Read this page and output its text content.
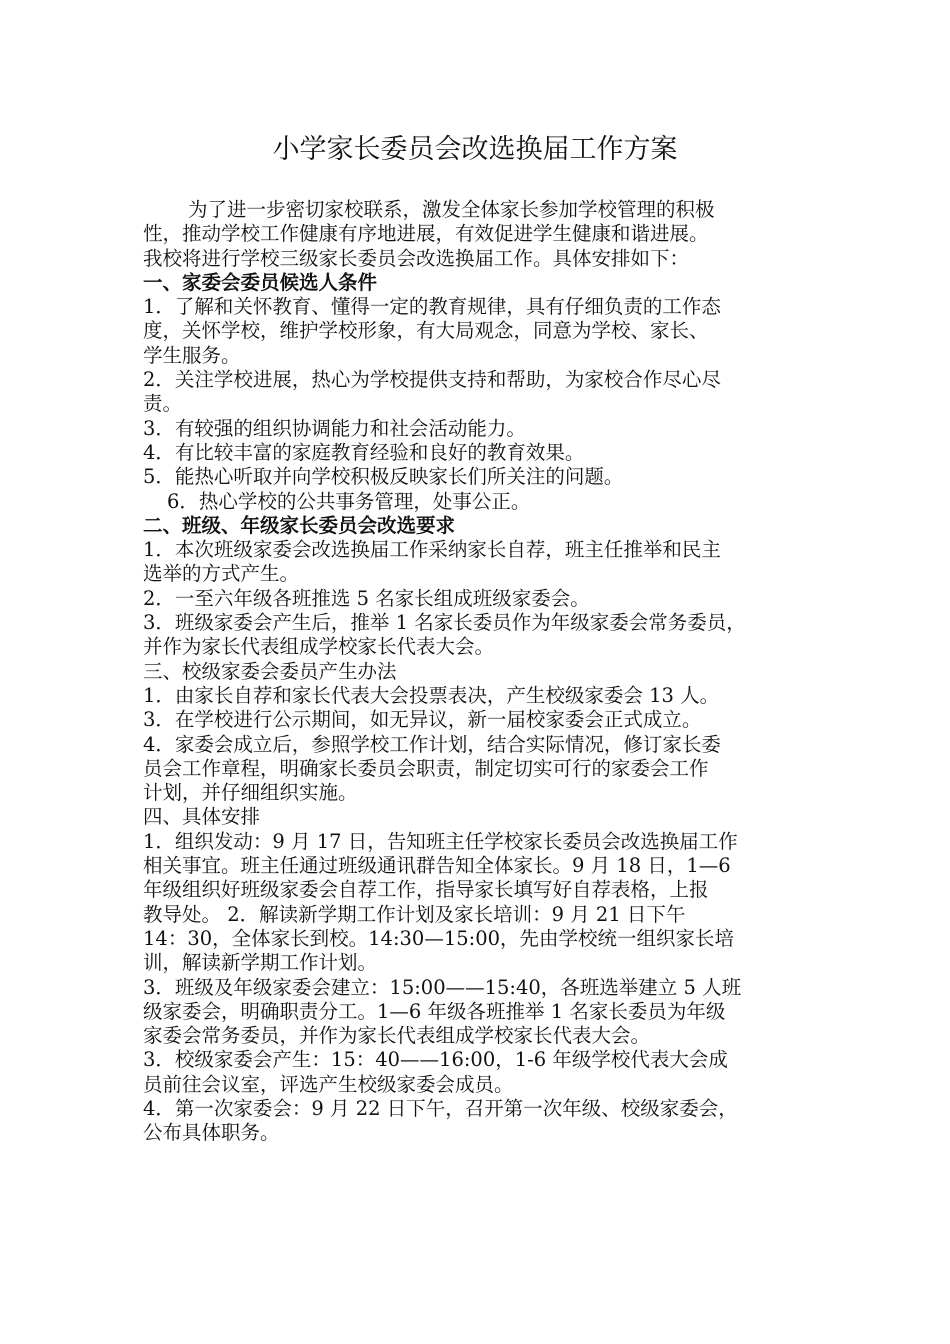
小学家长委员会改选换届工作方案
为了进一步密切家校联系，激发全体家长参加学校管理的积极
性，推动学校工作健康有序地进展，有效促进学生健康和谐进展。
我校将进行学校三级家长委员会改选换届工作。具体安排如下：
一、家委会委员候选人条件
1．了解和关怀教育、懂得一定的教育规律，具有仔细负责的工作态
度，关怀学校，维护学校形象，有大局观念，同意为学校、家长、
学生服务。
2．关注学校进展，热心为学校提供支持和帮助，为家校合作尽心尽
责。
3．有较强的组织协调能力和社会活动能力。
4．有比较丰富的家庭教育经验和良好的教育效果。
5．能热心听取并向学校积极反映家长们所关注的问题。
6．热心学校的公共事务管理，处事公正。
二、班级、年级家长委员会改选要求
1．本次班级家委会改选换届工作采纳家长自荐，班主任推举和民主
选举的方式产生。
2．一至六年级各班推选 5 名家长组成班级家委会。
3．班级家委会产生后，推举 1 名家长委员作为年级家委会常务委员，
并作为家长代表组成学校家长代表大会。
三、校级家委会委员产生办法
1．由家长自荐和家长代表大会投票表决，产生校级家委会 13 人。
3．在学校进行公示期间，如无异议，新一届校家委会正式成立。
4．家委会成立后，参照学校工作计划，结合实际情况，修订家长委
员会工作章程，明确家长委员会职责，制定切实可行的家委会工作
计划，并仔细组织实施。
四、具体安排
1．组织发动：9 月 17 日，告知班主任学校家长委员会改选换届工作
相关事宜。班主任通过班级通讯群告知全体家长。9 月 18 日，1—6
年级组织好班级家委会自荐工作，指导家长填写好自荐表格，上报
教导处。 2．解读新学期工作计划及家长培训：9 月 21 日下午
14：30，全体家长到校。14:30—15:00，先由学校统一组织家长培
训，解读新学期工作计划。
3．班级及年级家委会建立：15:00——15:40，各班选举建立 5 人班
级家委会，明确职责分工。1—6 年级各班推举 1 名家长委员为年级
家委会常务委员，并作为家长代表组成学校家长代表大会。
3．校级家委会产生：15：40——16:00，1-6 年级学校代表大会成
员前往会议室，评选产生校级家委会成员。
4．第一次家委会：9 月 22 日下午，召开第一次年级、校级家委会，
公布具体职务。
